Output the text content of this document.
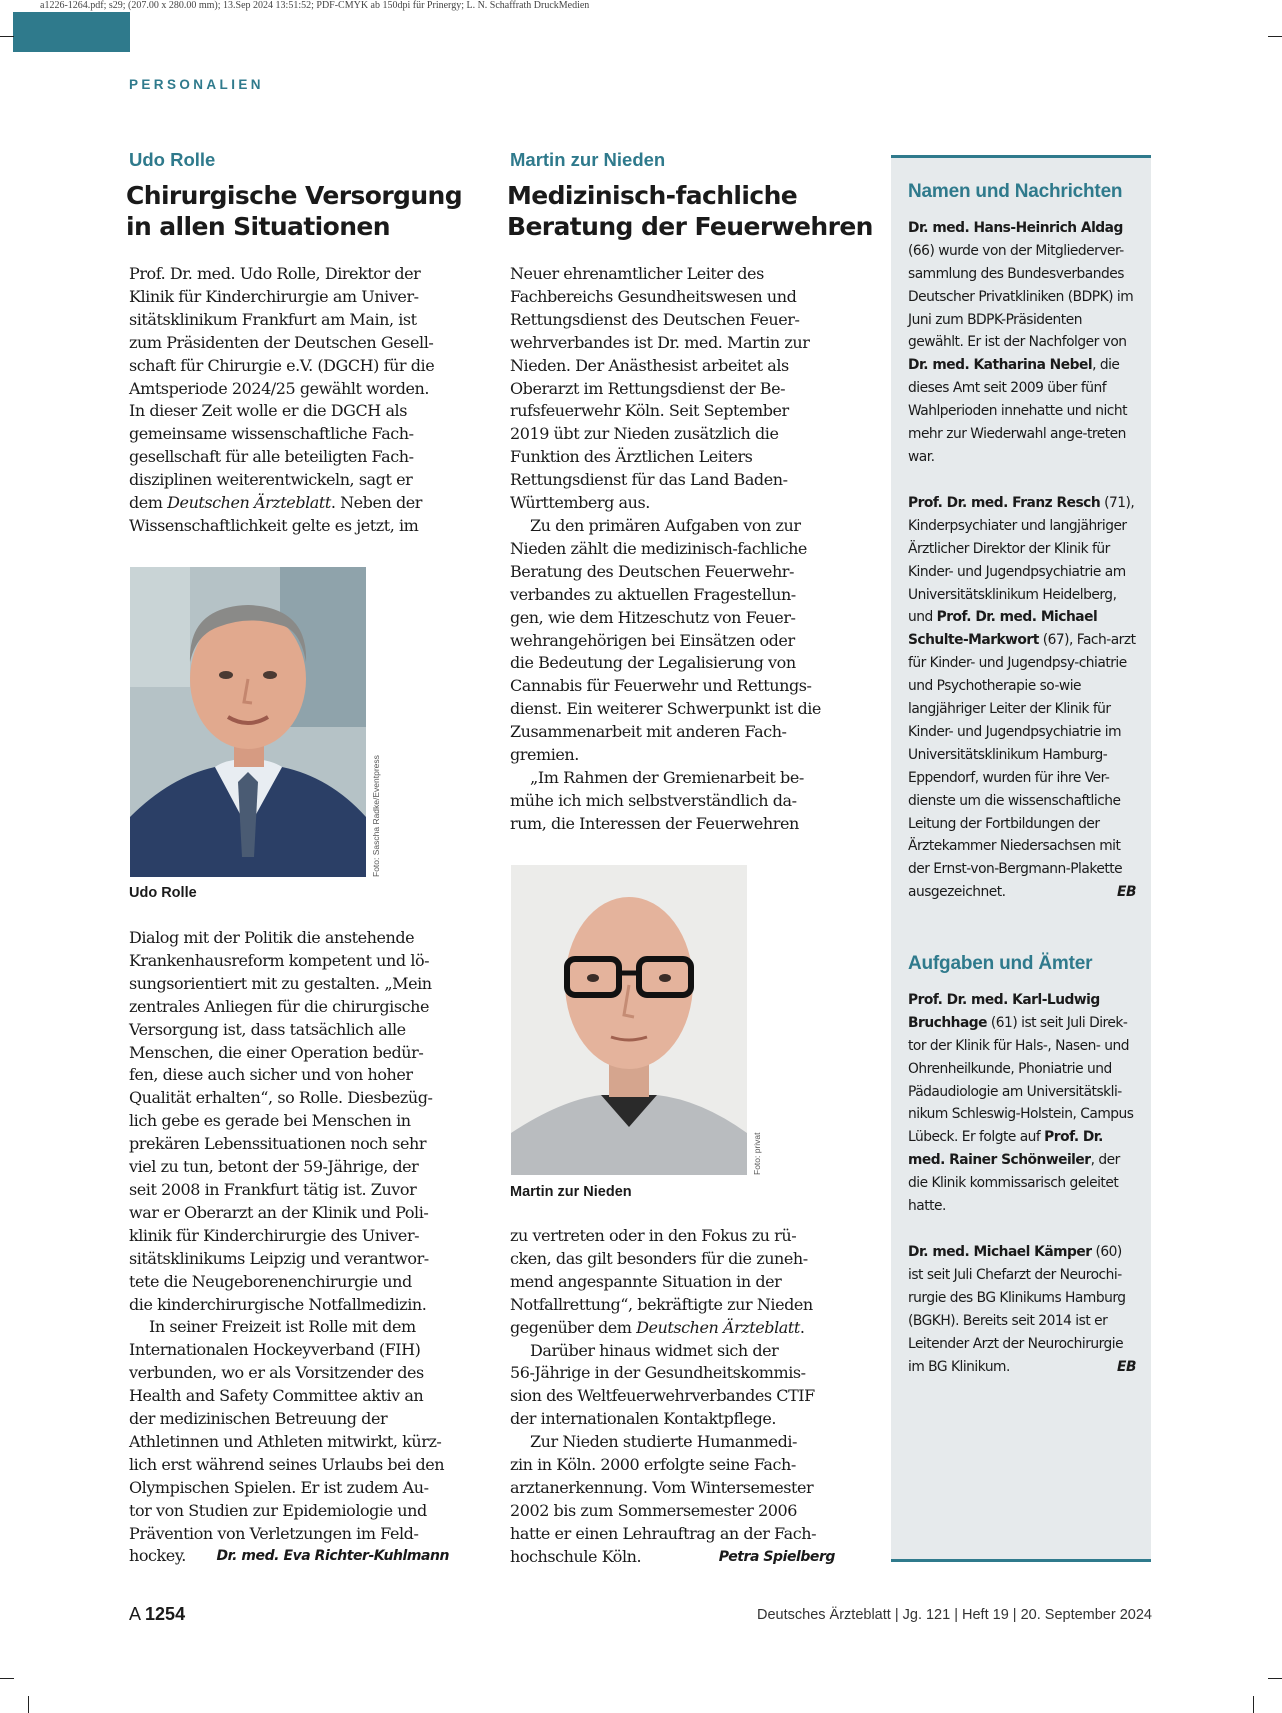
a1226-1264.pdf; s29; (207.00 x 280.00 mm); 13.Sep 2024 13:51:52; PDF-CMYK ab 150dpi für Prinergy; L. N. Schaffrath DruckMedien
PERSONALIEN
Udo Rolle
Chirurgische Versorgung
in allen Situationen

Prof. Dr. med. Udo Rolle, Direktor der
Klinik für Kinderchirurgie am Univer-
sitätsklinikum Frankfurt am Main, ist
zum Präsidenten der Deutschen Gesell-
schaft für Chirurgie e.V. (DGCH) für die
Amtsperiode 2024/25 gewählt worden.
In dieser Zeit wolle er die DGCH als
gemeinsame wissenschaftliche Fach-
gesellschaft für alle beteiligten Fach-
disziplinen weiterentwickeln, sagt er
dem Deutschen Ärzteblatt. Neben der
Wissenschaftlichkeit gelte es jetzt, im

Foto: Sascha Radke/Eventpress
Udo Rolle

Dialog mit der Politik die anstehende
Krankenhausreform kompetent und lö-
sungsorientiert mit zu gestalten. „Mein
zentrales Anliegen für die chirurgische
Versorgung ist, dass tatsächlich alle
Menschen, die einer Operation bedür-
fen, diese auch sicher und von hoher
Qualität erhalten“, so Rolle. Diesbezüg-
lich gebe es gerade bei Menschen in
prekären Lebenssituationen noch sehr
viel zu tun, betont der 59-Jährige, der
seit 2008 in Frankfurt tätig ist. Zuvor
war er Oberarzt an der Klinik und Poli-
klinik für Kinderchirurgie des Univer-
sitätsklinikums Leipzig und verantwor-
tete die Neugeborenenchirurgie und
die kinderchirurgische Notfallmedizin.

In seiner Freizeit ist Rolle mit dem

Internationalen Hockeyverband (FIH)
verbunden, wo er als Vorsitzender des
Health and Safety Committee aktiv an
der medizinischen Betreuung der
Athletinnen und Athleten mitwirkt, kürz-
lich erst während seines Urlaubs bei den
Olympischen Spielen. Er ist zudem Au-
tor von Studien zur Epidemiologie und
Prävention von Verletzungen im Feld-
hockey. Dr. med. Eva Richter-Kuhlmann

Martin zur Nieden
Medizinisch-fachliche
Beratung der Feuerwehren

Neuer ehrenamtlicher Leiter des
Fachbereichs Gesundheitswesen und
Rettungsdienst des Deutschen Feuer-
wehrverbandes ist Dr. med. Martin zur
Nieden. Der Anästhesist arbeitet als
Oberarzt im Rettungsdienst der Be-
rufsfeuerwehr Köln. Seit September
2019 übt zur Nieden zusätzlich die
Funktion des Ärztlichen Leiters
Rettungsdienst für das Land Baden-
Württemberg aus.

Zu den primären Aufgaben von zur

Nieden zählt die medizinisch-fachliche
Beratung des Deutschen Feuerwehr-
verbandes zu aktuellen Fragestellun-
gen, wie dem Hitzeschutz von Feuer-
wehrangehörigen bei Einsätzen oder
die Bedeutung der Legalisierung von
Cannabis für Feuerwehr und Rettungs-
dienst. Ein weiterer Schwerpunkt ist die
Zusammenarbeit mit anderen Fach-
gremien.

„Im Rahmen der Gremienarbeit be-

mühe ich mich selbstverständlich da-
rum, die Interessen der Feuerwehren

Foto: privat
Martin zur Nieden

zu vertreten oder in den Fokus zu rü-
cken, das gilt besonders für die zuneh-
mend angespannte Situation in der
Notfallrettung“, bekräftigte zur Nieden
gegenüber dem Deutschen Ärzteblatt.

Darüber hinaus widmet sich der

56-Jährige in der Gesundheitskommis-
sion des Weltfeuerwehrverbandes CTIF
der internationalen Kontaktpflege.

Zur Nieden studierte Humanmedi-

zin in Köln. 2000 erfolgte seine Fach-
arztanerkennung. Vom Wintersemester
2002 bis zum Sommersemester 2006
hatte er einen Lehrauftrag an der Fach-
hochschule Köln.	Petra Spielberg

Namen und Nachrichten

Dr. med. Hans-Heinrich Aldag (66) wurde von der Mitgliederver-sammlung des Bundesverbandes Deutscher Privatkliniken (BDPK) im Juni zum BDPK-Präsidenten gewählt. Er ist der Nachfolger von Dr. med. Katharina Nebel, die dieses Amt seit 2009 über fünf Wahlperioden innehatte und nicht mehr zur Wiederwahl ange-treten war.

Prof. Dr. med. Franz Resch (71), Kinderpsychiater und langjähriger Ärztlicher Direktor der Klinik für Kinder- und Jugendpsychiatrie am Universitätsklinikum Heidelberg, und Prof. Dr. med. Michael Schulte-Markwort (67), Fach-arzt für Kinder- und Jugendpsy-chiatrie und Psychotherapie so-wie langjähriger Leiter der Klinik für Kinder- und Jugendpsychiatrie im Universitätsklinikum Hamburg-Eppendorf, wurden für ihre Ver-dienste um die wissenschaftliche Leitung der Fortbildungen der Ärztekammer Niedersachsen mit der Ernst-von-Bergmann-Plakette ausgezeichnet.	EB

Aufgaben und Ämter

Prof. Dr. med. Karl-Ludwig Bruchhage (61) ist seit Juli Direk-tor der Klinik für Hals-, Nasen- und Ohrenheilkunde, Phoniatrie und Pädaudiologie am Universitätskli-nikum Schleswig-Holstein, Campus Lübeck. Er folgte auf Prof. Dr. med. Rainer Schönweiler, der die Klinik kommissarisch geleitet hatte.

Dr. med. Michael Kämper (60) ist seit Juli Chefarzt der Neurochi-rurgie des BG Klinikums Hamburg (BGKH). Bereits seit 2014 ist er Leitender Arzt der Neurochirurgie im BG Klinikum.	EB

A 1254	Deutsches Ärzteblatt | Jg. 121 | Heft 19 | 20. September 2024
